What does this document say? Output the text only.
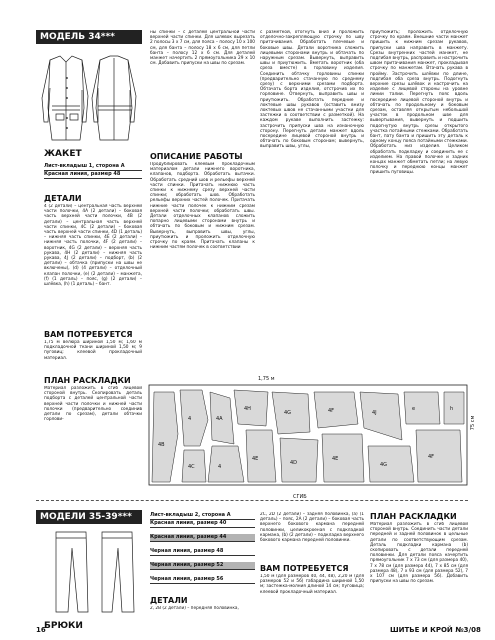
МОДЕЛЬ 34***
ЖАКЕТ
Лист-вкладыш 1, сторона А
Красная линия, размер 48
ДЕТАЛИ
4 (2 детали) – центральная часть верхней части полочки, 4А (2 детали) – боковая часть верхней части полочки, 4В (2 детали) – центральная часть верхней части спинки, 4С (2 детали) – боковая часть верхней части спинки, 4D (1 деталь) – нижняя часть спинки, 4Е (2 детали) – нижняя часть полочки, 4F (2 детали) – воротник, 4G (2 детали) – верхняя часть рукава, 4H (2 детали) – нижняя часть рукава, 4J (2 детали) – подборт, (b) (2 детали) – обтачка (припуски на швы не включены), (d) (4 детали) – отделочный клапан полочки, (e) (2 детали) – манжета, (f) (1 деталь) – пояс, (g) (2 детали) – шлёвка, (h) (1 деталь) – бант.
ВАМ ПОТРЕБУЕТСЯ
1,75 м велюра шириной 1,50 м; 1,60 м подкладочной ткани шириной 1,50 м; 9 пуговиц; клеевой прокладочный материал.
ПЛАН РАСКЛАДКИ
Материал разложить в сгиб лицевой стороной внутрь. Скопировать деталь подборта с деталей центральной части верхней части полочки и нижней части полочки (предварительно соединив детали по срезам), детали обтачки горлови-
ны спинки – с деталей центральной части верхней части спинки. Для шлевок вырезать 2 полосы 3 х 7 см, для пояса – полосу 10 х 100 см, для банта – полосу 18 х 6 см, для петли банта – полосу 12 х 6 см. Для деталей манжет начертить 2 прямоугольника 29 х 10 см. Добавить припуски на швы по срезам.
ОПИСАНИЕ РАБОТЫ
Продублировать клеевым прокладочным материалом детали нижнего воротника, клапанов, подборта. Обработать вытачки. Обработать средний шов и рельефы верхней части спинки. Притачать нижнюю часть спинки к нижнему срезу верхней части спинки; обработать шов. Обработать рельефы верхних частей полочек. Притачать нижние части полочек к нижним срезам верхней части полочки; обработать швы. Детали отделочных клапанов сложить попарно лицевыми сторонами внутрь и обтачать по боковым и нижним срезам. Вывернуть, выправить швы, углы, приутюжить и проложить отделочную строчку по краям. Притачать клапаны к нижним частям полочек в соответствии
с разметкой, отогнуть вниз и проложить отделочно-закрепляющую строчку по шву притачивания. Обработать плечевые и боковые швы. Детали воротника сложить лицевыми сторонами внутрь и обтачать по наружным срезам. Вывернуть, выправить швы и приутюжить. Вметать воротник (оба среза вместе) в горловину изделия. Соединить обтачку горловины спинки (предварительно стачанную по среднему срезу) с верхними срезами подборта. Обтачать борта изделия, отстрочив их по горловине. Отвернуть, выправить швы и приутюжить. Обработать передние и локтевые швы рукавов (оставить внизу локтевых швов не стачанными участки для застежки в соответствии с разметкой). На каждом рукаве выполнить застежку: застрочить припуски шва на изнаночную сторону. Перегнуть детали манжет вдоль посередине лицевой стороной внутрь и обтачать по боковым сторонам; вывернуть, выправить швы, углы,
приутюжить; проложить отделочную строчку по краям. Внешние части манжет пришить к нижним срезам рукавов, припуски шва направить в манжету. Срезы внутренних частей манжет, не подгибая внутрь, расправить и настрочить швом притачивания манжет, прокладывая строчку по манжетам. Втачать рукава в пройму. Застрочить шлёвки по длине, подгибая оба среза внутрь. Подогнуть верхние срезы шлёвок и настрочить на изделие с лицевой стороны на уровне линии талии. Перегнуть пояс вдоль посередине лицевой стороной внутрь и обтачать по продольному и боковым срезам, оставляя открытым небольшой участок в продольном шве для вывертывания, вывернуть и подшить подогнутую внутрь срезы открытого участка потайными стежками. Обработать бант, пату банта и пришить эту деталь к одному концу пояса потайными стежками. Обработать низ изделия. Целиком обработать подкладку и соединить ее с изделием. На правой полочке и задних концах манжет обметать петли; на левую полочку и переднюю концы манжет пришить пуговицы.
1,75 м
75 см
4B
4
4C
4A
4H
4
4E
4G
4D
4F
4E
4J
4G
e
4F
h
СГИБ
МОДЕЛИ 35-39***
БРЮКИ
Лист-вкладыш 2, сторона А
Красная линия, размер 40
Красная линия, размер 44
Черная линия, размер 48
Черная линия, размер 52
Черная линия, размер 56
ДЕТАЛИ
2, 2В (2 детали) – передняя половинка,
2С, 2D (2 детали) – задняя половинка, (a) (1 деталь) – пояс, 2A (2 детали) – боковая часть верхнего бокового кармана передней половинки, целикокроеная с подкладкой кармана, (b) (2 детали) – подкладка верхнего бокового кармана передней половинки.
ВАМ ПОТРЕБУЕТСЯ
1,50 м (для размеров 40, 44, 48), 2,20 м (для размеров 52 и 56) габардина шириной 1,50 м; застежка-молния длиной 14 см; пуговица; клеевой прокладочный материал.
ПЛАН РАСКЛАДКИ
Материал разложить в сгиб лицевой стороной внутрь. Соединить части детали передней и задней половинок в цельные детали по соответствующим срезам. Деталь подкладки кармана (b) скопировать с детали передней половинки. Для детали пояса начертить прямоугольник 7 х 73 см (для размера 40), 7 х 78 см (для размера 44), 7 х 85 см (для размера 48), 7 х 93 см (для размера 52), 7 х 107 см (для размера 56). Добавить припуски на швы по срезам.
16	ШИТЬЕ И КРОЙ №3/08
